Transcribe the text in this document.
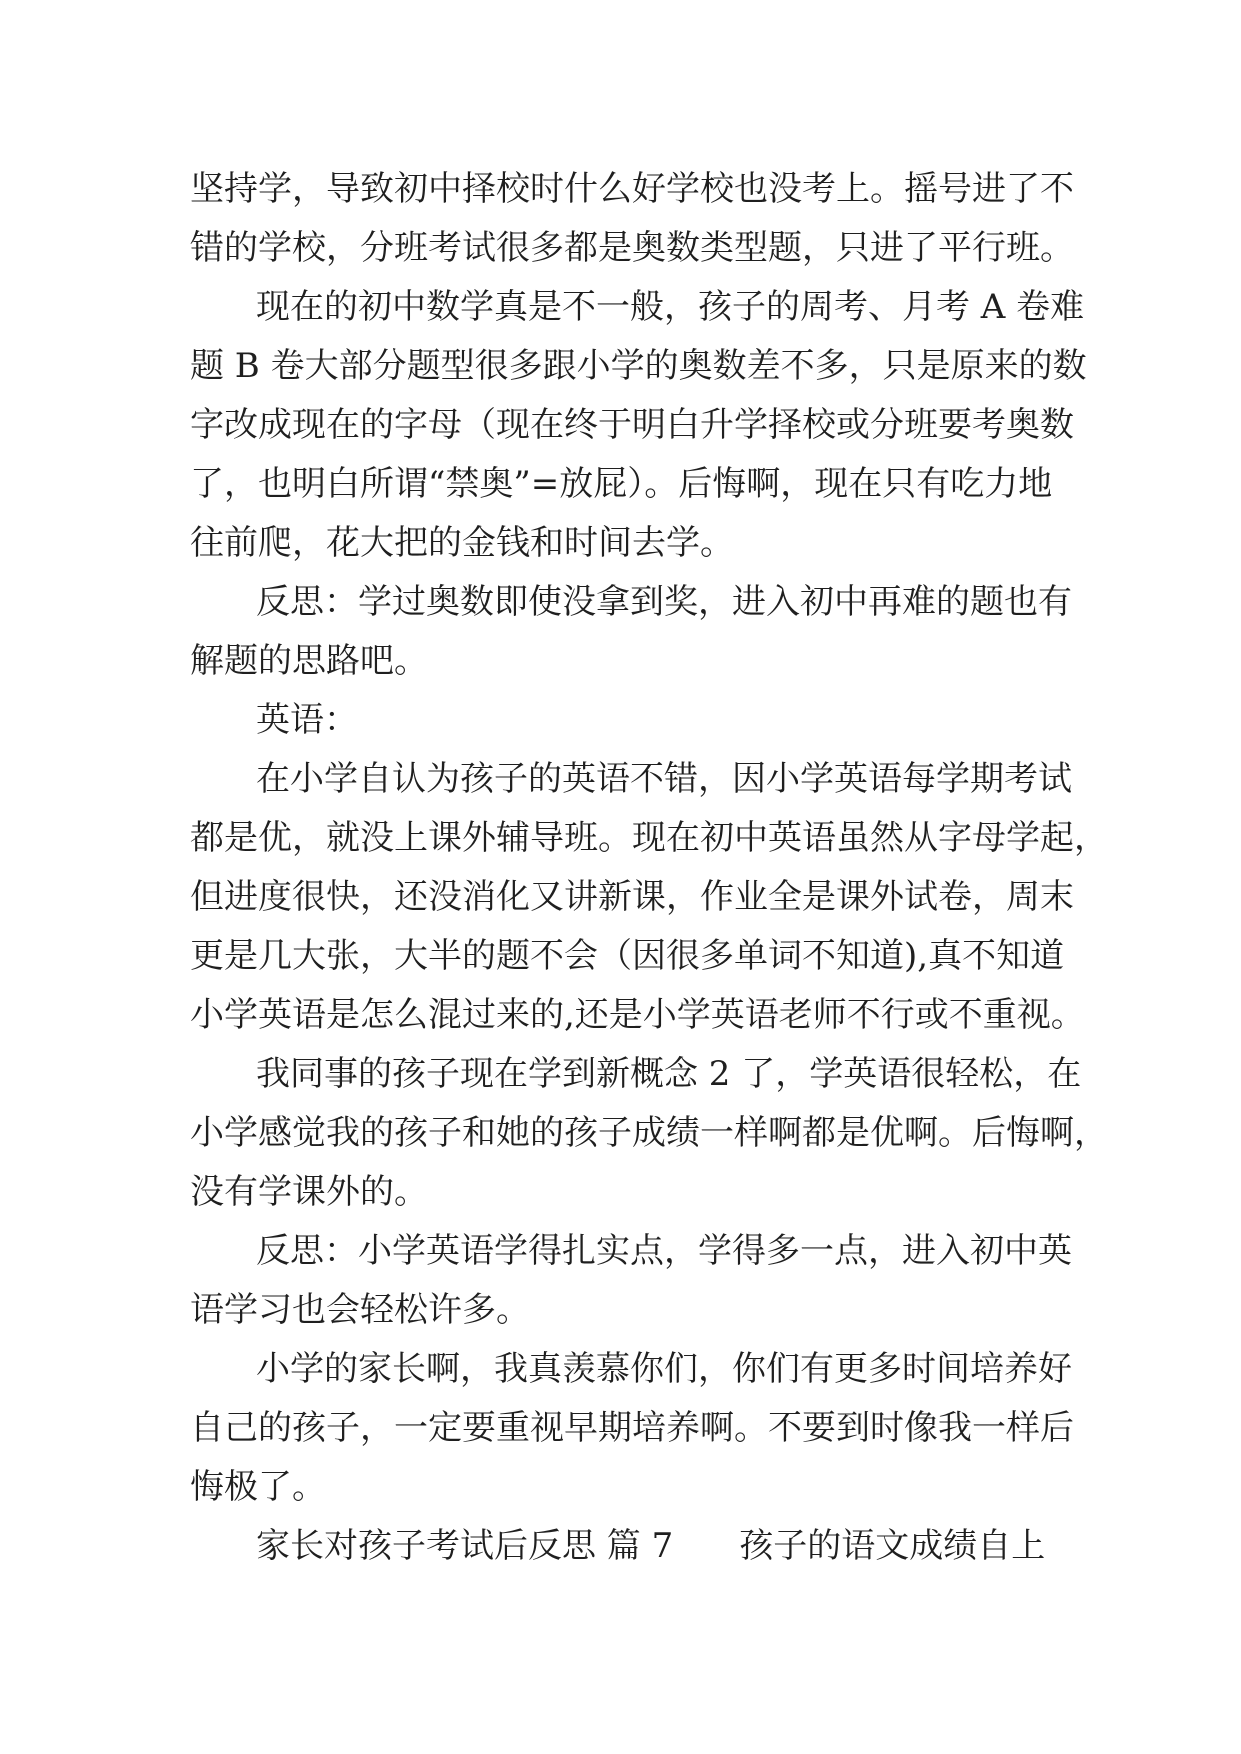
坚持学，导致初中择校时什么好学校也没考上。摇号进了不
错的学校，分班考试很多都是奥数类型题，只进了平行班。

现在的初中数学真是不一般，孩子的周考、月考 A 卷难
题 B 卷大部分题型很多跟小学的奥数差不多，只是原来的数
字改成现在的字母（现在终于明白升学择校或分班要考奥数
了，也明白所谓“禁奥”=放屁）。后悔啊，现在只有吃力地
往前爬，花大把的金钱和时间去学。

反思：学过奥数即使没拿到奖，进入初中再难的题也有
解题的思路吧。

英语：

在小学自认为孩子的英语不错，因小学英语每学期考试
都是优，就没上课外辅导班。现在初中英语虽然从字母学起，
但进度很快，还没消化又讲新课，作业全是课外试卷，周末
更是几大张，大半的题不会（因很多单词不知道),真不知道
小学英语是怎么混过来的,还是小学英语老师不行或不重视。

我同事的孩子现在学到新概念 2 了，学英语很轻松，在
小学感觉我的孩子和她的孩子成绩一样啊都是优啊。后悔啊，
没有学课外的。

反思：小学英语学得扎实点，学得多一点，进入初中英
语学习也会轻松许多。

小学的家长啊，我真羡慕你们，你们有更多时间培养好
自己的孩子，一定要重视早期培养啊。不要到时像我一样后
悔极了。

家长对孩子考试后反思 篇 7 孩子的语文成绩自上
